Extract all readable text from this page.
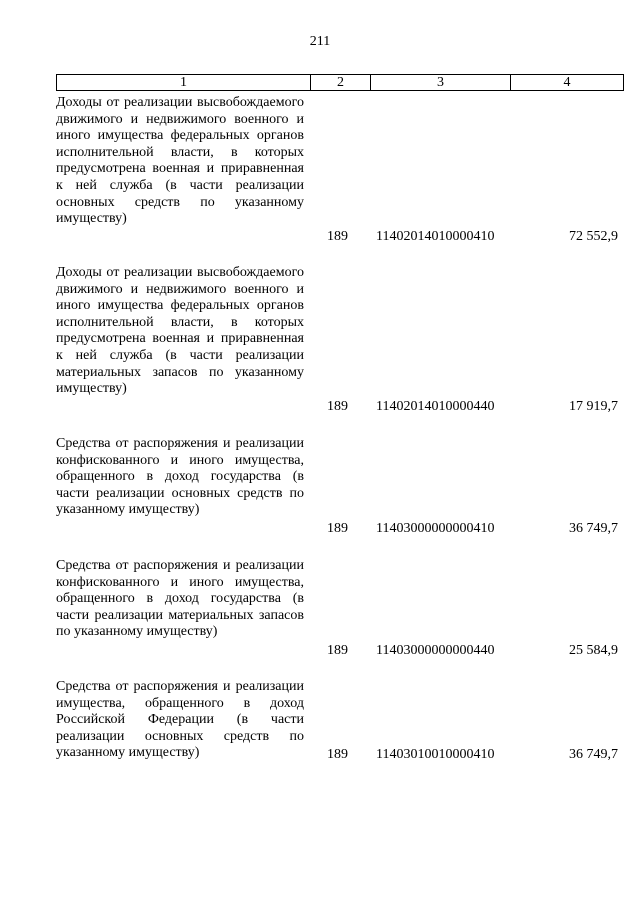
211
1	2	3	4
Доходы от реализации высвобождаемого движимого и недвижимого военного и иного имущества федеральных органов исполнительной власти, в которых предусмотрена военная и приравненная к ней служба (в части реализации основных средств по указанному имуществу)
189 11402014010000410	72 552,9
Доходы от реализации высвобождаемого движимого и недвижимого военного и иного имущества федеральных органов исполнительной власти, в которых предусмотрена военная и приравненная к ней служба (в части реализации материальных запасов по указанному имуществу)
189 11402014010000440	17 919,7
Средства от распоряжения и реализации конфискованного и иного имущества, обращенного в доход государства (в части реализации основных средств по указанному имуществу)
189 11403000000000410	36 749,7
Средства от распоряжения и реализации конфискованного и иного имущества, обращенного в доход государства (в части реализации материальных запасов по указанному имуществу)
189 11403000000000440	25 584,9
Средства от распоряжения и реализации имущества, обращенного в доход Российской Федерации (в части реализации основных средств по указанному имуществу)	189 11403010010000410	36 749,7
